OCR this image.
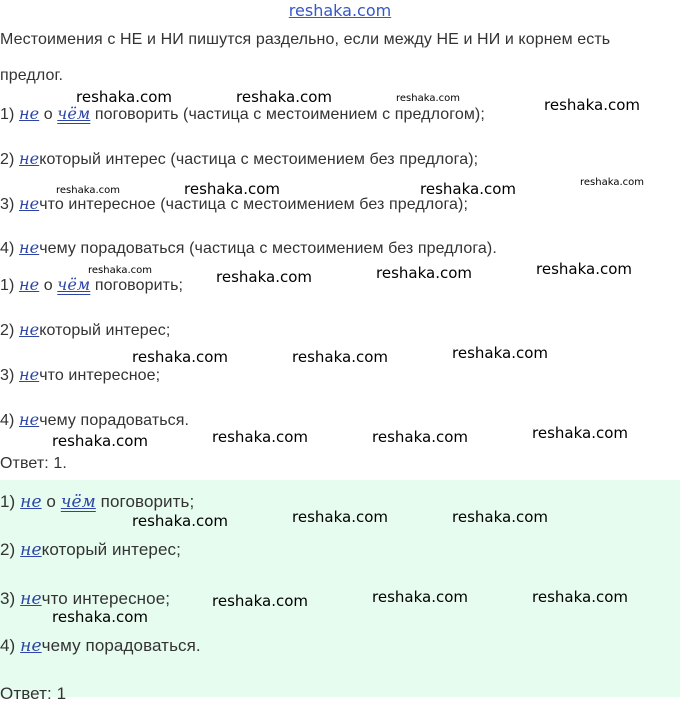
reshaka.com
Местоимения с НЕ и НИ пишутся раздельно, если между НЕ и НИ и корнем есть
предлог.
1) не о чём поговорить (частица с местоимением с предлогом);
2) некоторый интерес (частица с местоимением без предлога);
3) нечто интересное (частица с местоимением без предлога);
4) нечему порадоваться (частица с местоимением без предлога).
1) не о чём поговорить;
2) некоторый интерес;
3) нечто интересное;
4) нечему порадоваться.
Ответ: 1.
1) не о чём поговорить;
2) некоторый интерес;
3) нечто интересное;
4) нечему порадоваться.
Ответ: 1
reshaka.com	reshaka.com	reshaka.com	reshaka.com
reshaka.com	reshaka.com	reshaka.com	reshaka.com
reshaka.com	reshaka.com	reshaka.com	reshaka.com
reshaka.com	reshaka.com	reshaka.com
reshaka.com	reshaka.com	reshaka.com	reshaka.com
reshaka.com	reshaka.com	reshaka.com
reshaka.com	reshaka.com	reshaka.com
reshaka.com
